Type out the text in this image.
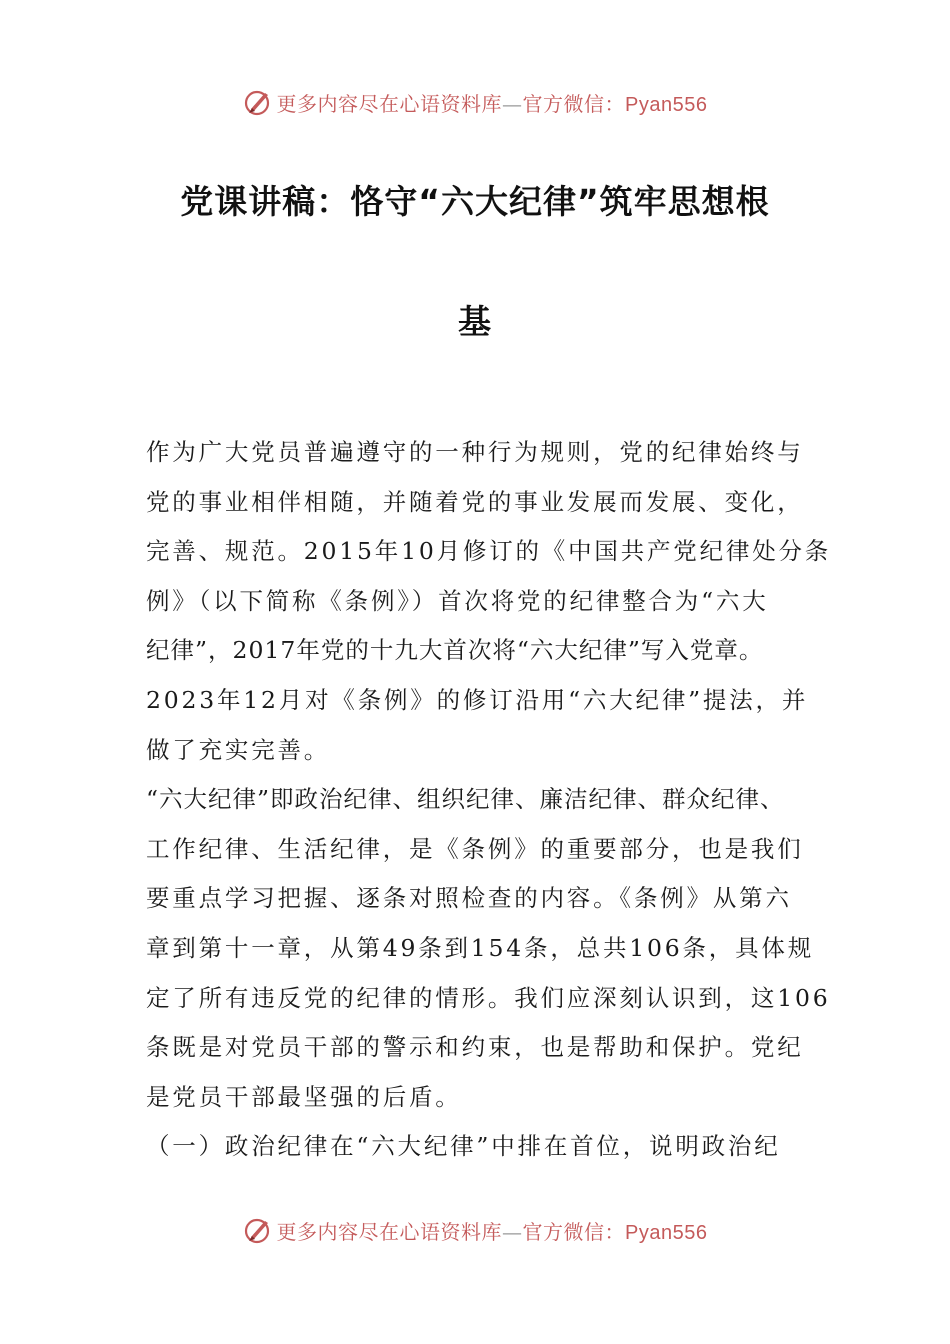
更多内容尽在心语资料库—官方微信：Pyan556
党课讲稿：恪守“六大纪律”筑牢思想根
基
作为广大党员普遍遵守的一种行为规则，党的纪律始终与
党的事业相伴相随，并随着党的事业发展而发展、变化，
完善、规范。2015年10月修订的《中国共产党纪律处分条
例》（以下简称《条例》）首次将党的纪律整合为“六大
纪律”，2017年党的十九大首次将“六大纪律”写入党章。
2023年12月对《条例》的修订沿用“六大纪律”提法，并
做了充实完善。
“六大纪律”即政治纪律、组织纪律、廉洁纪律、群众纪律、
工作纪律、生活纪律，是《条例》的重要部分，也是我们
要重点学习把握、逐条对照检查的内容。《条例》从第六
章到第十一章，从第49条到154条，总共106条，具体规
定了所有违反党的纪律的情形。我们应深刻认识到，这106
条既是对党员干部的警示和约束，也是帮助和保护。党纪
是党员干部最坚强的后盾。
（一）政治纪律在“六大纪律”中排在首位，说明政治纪
更多内容尽在心语资料库—官方微信：Pyan556
